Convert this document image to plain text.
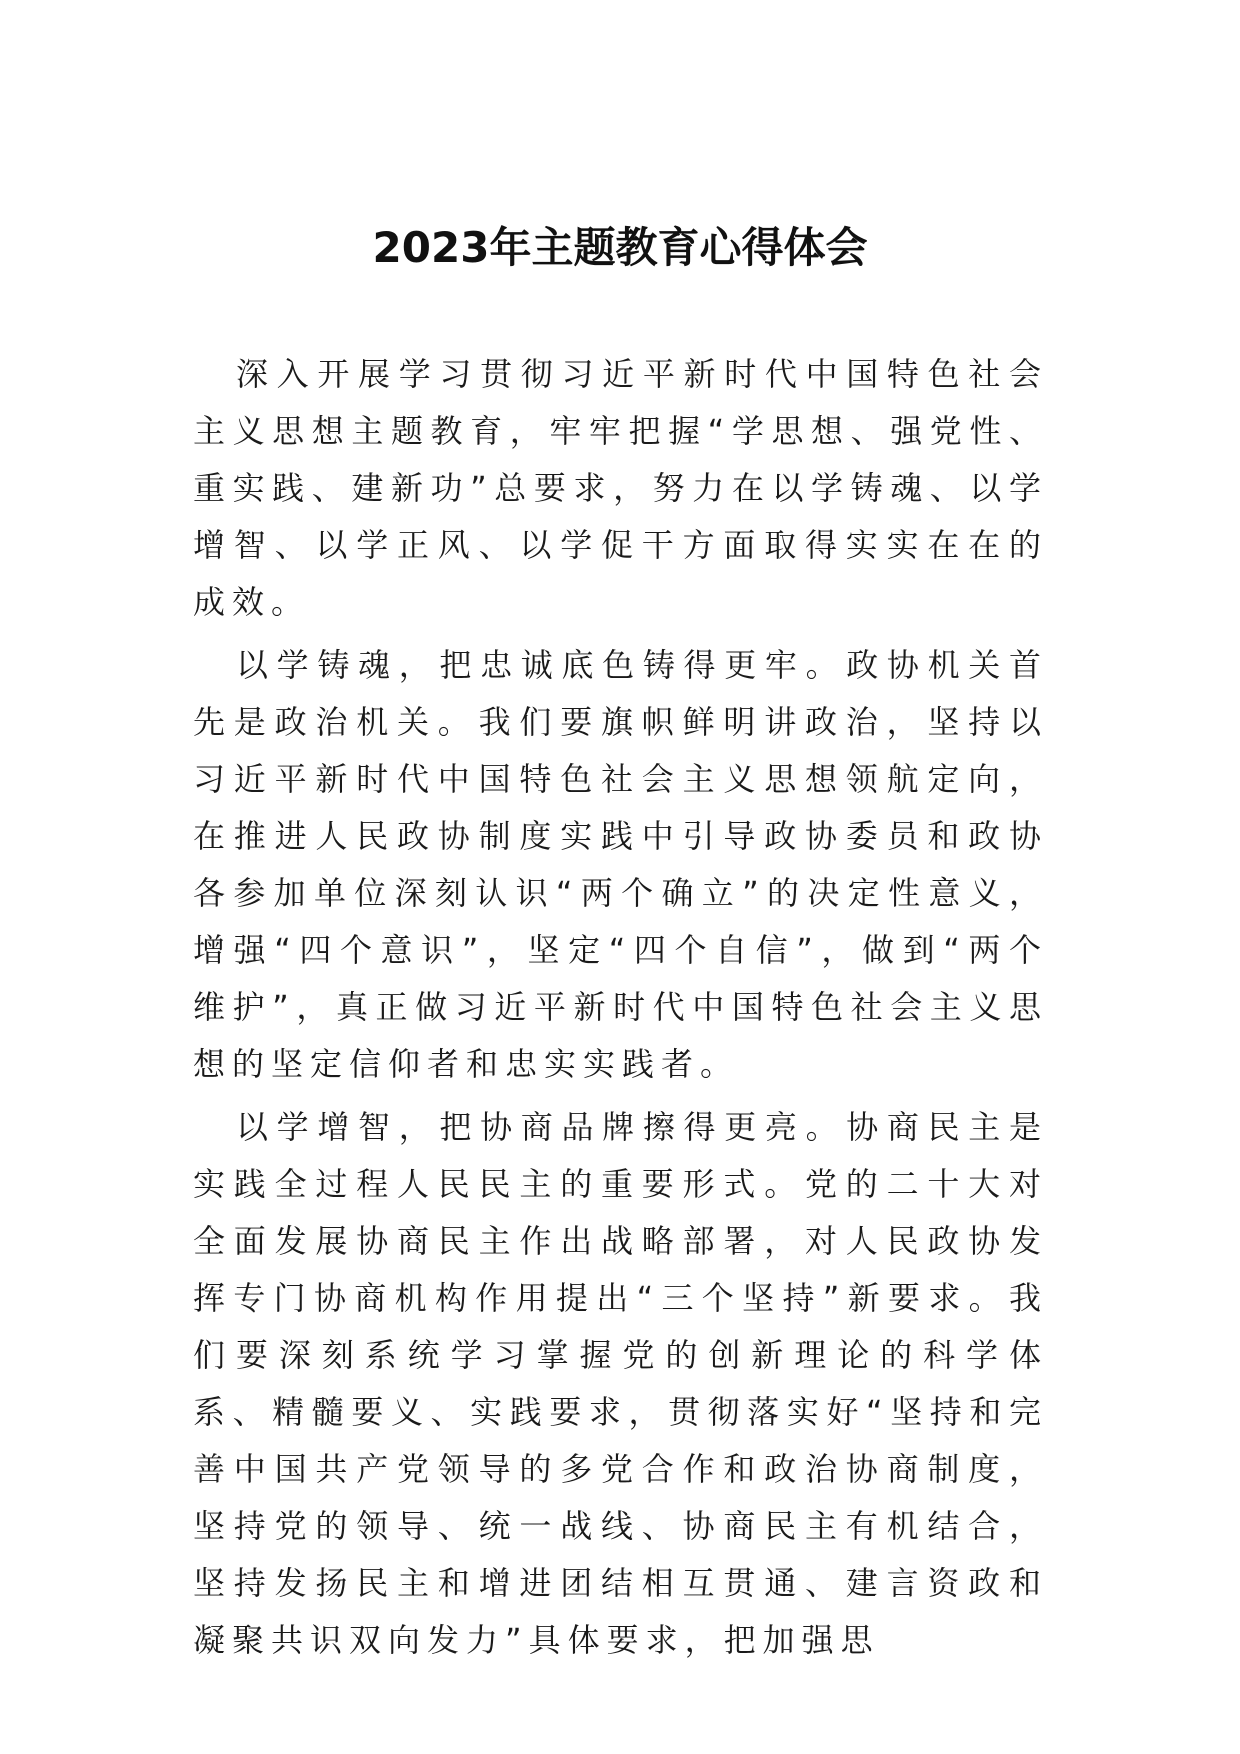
2023年主题教育心得体会

深入开展学习贯彻习近平新时代中国特色社会主义思想主题教育，牢牢把握“学思想、强党性、重实践、建新功”总要求，努力在以学铸魂、以学增智、以学正风、以学促干方面取得实实在在的成效。

以学铸魂，把忠诚底色铸得更牢。政协机关首先是政治机关。我们要旗帜鲜明讲政治，坚持以习近平新时代中国特色社会主义思想领航定向，在推进人民政协制度实践中引导政协委员和政协各参加单位深刻认识“两个确立”的决定性意义，增强“四个意识”，坚定“四个自信”，做到“两个维护”，真正做习近平新时代中国特色社会主义思想的坚定信仰者和忠实实践者。

以学增智，把协商品牌擦得更亮。协商民主是实践全过程人民民主的重要形式。党的二十大对全面发展协商民主作出战略部署，对人民政协发挥专门协商机构作用提出“三个坚持”新要求。我们要深刻系统学习掌握党的创新理论的科学体系、精髓要义、实践要求，贯彻落实好“坚持和完善中国共产党领导的多党合作和政治协商制度，坚持党的领导、统一战线、协商民主有机结合，坚持发扬民主和增进团结相互贯通、建言资政和凝聚共识双向发力”具体要求，把加强思
